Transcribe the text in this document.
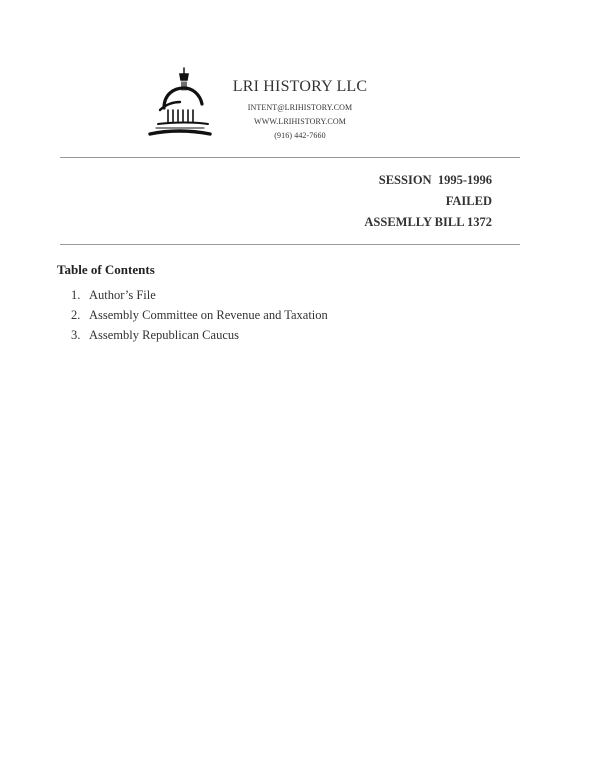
LRI HISTORY LLC
INTENT@LRIHISTORY.COM
WWW.LRIHISTORY.COM
(916) 442-7660
SESSION  1995-1996
FAILED
ASSEMLLY BILL 1372
Table of Contents
1. Author’s File
2. Assembly Committee on Revenue and Taxation
3. Assembly Republican Caucus
